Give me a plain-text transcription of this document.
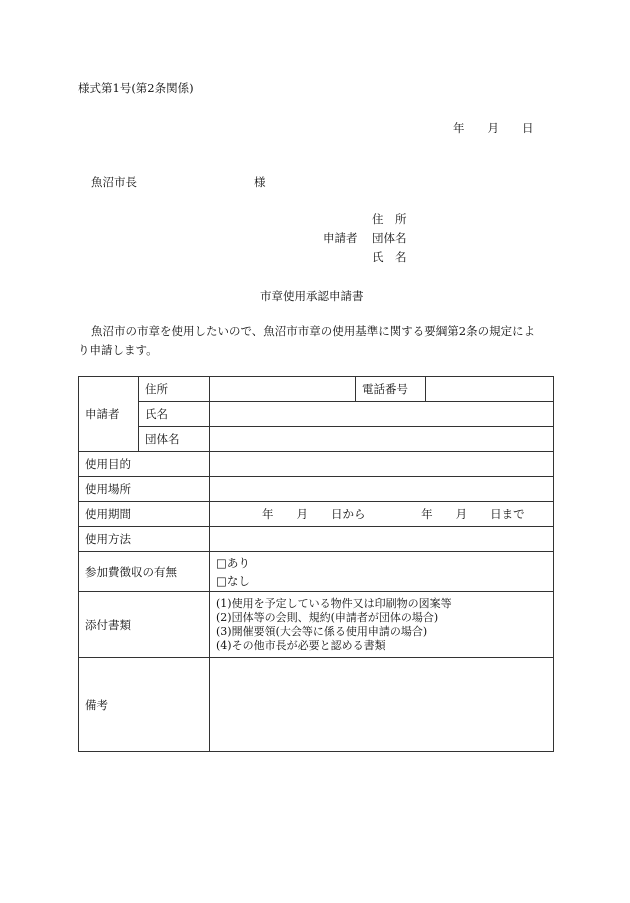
様式第1号(第2条関係)
年　　月　　日
魚沼市長	様
住　所
申請者 団体名
氏　名
市章使用承認申請書
魚沼市の市章を使用したいので、魚沼市市章の使用基準に関する要綱第2条の規定によ
り申請します。
申請者	住所		電話番号	
	氏名			
	団体名			
使用目的				
使用場所				
使用期間		年　　月　　日から 年　　月　　日まで		
使用方法				
参加費徴収の有無		□あり
□なし		

添付書類		(1)使用を予定している物件又は印刷物の図案等
(2)団体等の会則、規約(申請者が団体の場合)
(3)開催要領(大会等に係る使用申請の場合)
(4)その他市長が必要と認める書類		

備考				
